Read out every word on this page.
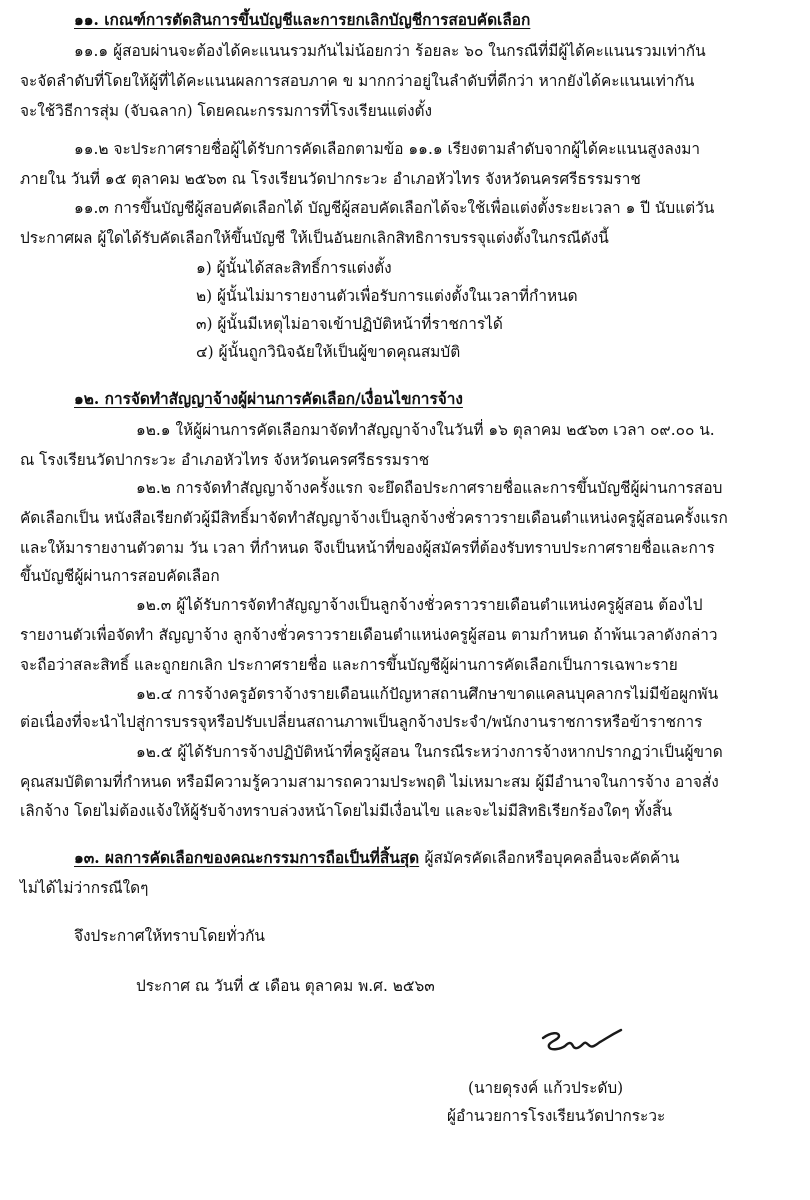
๑๑. เกณฑ์การตัดสินการขึ้นบัญชีและการยกเลิกบัญชีการสอบคัดเลือก
๑๑.๑ ผู้สอบผ่านจะต้องได้คะแนนรวมกันไม่น้อยกว่า ร้อยละ ๖๐ ในกรณีที่มีผู้ได้คะแนนรวมเท่ากัน
จะจัดลำดับที่โดยให้ผู้ที่ได้คะแนนผลการสอบภาค ข มากกว่าอยู่ในลำดับที่ดีกว่า หากยังได้คะแนนเท่ากัน
จะใช้วิธีการสุ่ม (จับฉลาก) โดยคณะกรรมการที่โรงเรียนแต่งตั้ง
๑๑.๒ จะประกาศรายชื่อผู้ได้รับการคัดเลือกตามข้อ ๑๑.๑ เรียงตามลำดับจากผู้ได้คะแนนสูงลงมา
ภายใน วันที่ ๑๕ ตุลาคม ๒๕๖๓ ณ โรงเรียนวัดปากระวะ อำเภอหัวไทร จังหวัดนครศรีธรรมราช
๑๑.๓ การขึ้นบัญชีผู้สอบคัดเลือกได้ บัญชีผู้สอบคัดเลือกได้จะใช้เพื่อแต่งตั้งระยะเวลา ๑ ปี นับแต่วัน
ประกาศผล ผู้ใดได้รับคัดเลือกให้ขึ้นบัญชี ให้เป็นอันยกเลิกสิทธิการบรรจุแต่งตั้งในกรณีดังนี้
๑) ผู้นั้นได้สละสิทธิ์การแต่งตั้ง
๒) ผู้นั้นไม่มารายงานตัวเพื่อรับการแต่งตั้งในเวลาที่กำหนด
๓) ผู้นั้นมีเหตุไม่อาจเข้าปฏิบัติหน้าที่ราชการได้
๔) ผู้นั้นถูกวินิจฉัยให้เป็นผู้ขาดคุณสมบัติ
๑๒. การจัดทำสัญญาจ้างผู้ผ่านการคัดเลือก/เงื่อนไขการจ้าง
๑๒.๑ ให้ผู้ผ่านการคัดเลือกมาจัดทำสัญญาจ้างในวันที่ ๑๖ ตุลาคม ๒๕๖๓ เวลา ๐๙.๐๐ น.
ณ โรงเรียนวัดปากระวะ อำเภอหัวไทร จังหวัดนครศรีธรรมราช
๑๒.๒ การจัดทำสัญญาจ้างครั้งแรก จะยึดถือประกาศรายชื่อและการขึ้นบัญชีผู้ผ่านการสอบ
คัดเลือกเป็น หนังสือเรียกตัวผู้มีสิทธิ์มาจัดทำสัญญาจ้างเป็นลูกจ้างชั่วคราวรายเดือนตำแหน่งครูผู้สอนครั้งแรก
และให้มารายงานตัวตาม วัน เวลา ที่กำหนด จึงเป็นหน้าที่ของผู้สมัครที่ต้องรับทราบประกาศรายชื่อและการ
ขึ้นบัญชีผู้ผ่านการสอบคัดเลือก
๑๒.๓ ผู้ได้รับการจัดทำสัญญาจ้างเป็นลูกจ้างชั่วคราวรายเดือนตำแหน่งครูผู้สอน ต้องไป
รายงานตัวเพื่อจัดทำ สัญญาจ้าง ลูกจ้างชั่วคราวรายเดือนตำแหน่งครูผู้สอน ตามกำหนด ถ้าพ้นเวลาดังกล่าว
จะถือว่าสละสิทธิ์ และถูกยกเลิก ประกาศรายชื่อ และการขึ้นบัญชีผู้ผ่านการคัดเลือกเป็นการเฉพาะราย
๑๒.๔ การจ้างครูอัตราจ้างรายเดือนแก้ปัญหาสถานศึกษาขาดแคลนบุคลากรไม่มีข้อผูกพัน
ต่อเนื่องที่จะนำไปสู่การบรรจุหรือปรับเปลี่ยนสถานภาพเป็นลูกจ้างประจำ/พนักงานราชการหรือข้าราชการ
๑๒.๕ ผู้ได้รับการจ้างปฏิบัติหน้าที่ครูผู้สอน ในกรณีระหว่างการจ้างหากปรากฏว่าเป็นผู้ขาด
คุณสมบัติตามที่กำหนด หรือมีความรู้ความสามารถความประพฤติ ไม่เหมาะสม ผู้มีอำนาจในการจ้าง อาจสั่ง
เลิกจ้าง โดยไม่ต้องแจ้งให้ผู้รับจ้างทราบล่วงหน้าโดยไม่มีเงื่อนไข และจะไม่มีสิทธิเรียกร้องใดๆ ทั้งสิ้น
๑๓. ผลการคัดเลือกของคณะกรรมการถือเป็นที่สิ้นสุด ผู้สมัครคัดเลือกหรือบุคคลอื่นจะคัดค้าน
ไม่ได้ไม่ว่ากรณีใดๆ
จึงประกาศให้ทราบโดยทั่วกัน
ประกาศ ณ วันที่ ๕ เดือน ตุลาคม พ.ศ. ๒๕๖๓
(นายดุรงค์ แก้วประดับ)
ผู้อำนวยการโรงเรียนวัดปากระวะ
